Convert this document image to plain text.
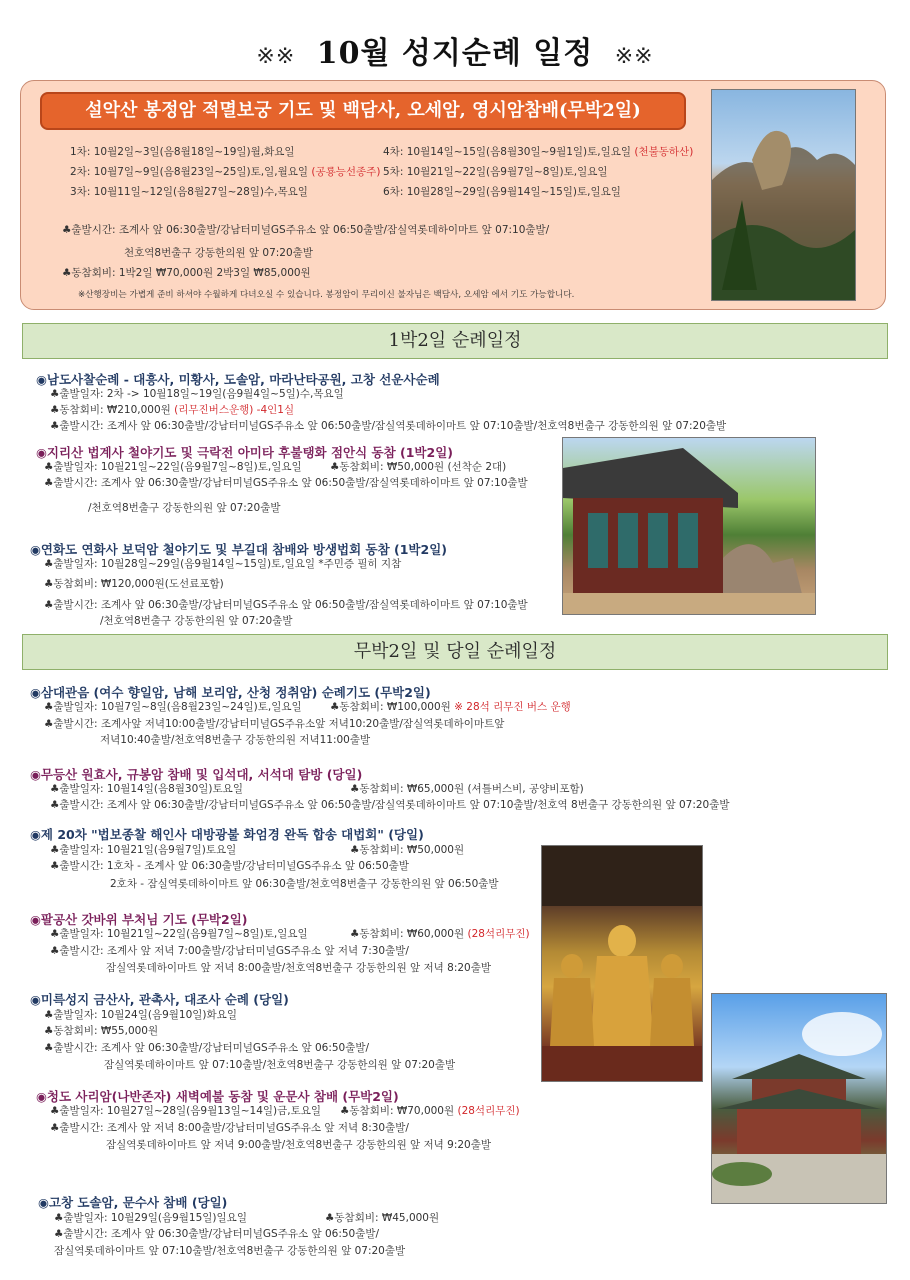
※※ 10월 성지순례 일정 ※※
설악산 봉정암 적멸보궁 기도 및 백담사, 오세암, 영시암참배(무박2일)
1차: 10월2일~3일(음8월18일~19일)월,화요일
2차: 10월7일~9일(음8월23일~25일)토,일,월요일 (공룡능선종주)
3차: 10월11일~12일(음8월27일~28일)수,목요일
4차: 10월14일~15일(음8월30일~9월1일)토,일요일 (천불동하산)
5차: 10월21일~22일(음9월7일~8일)토,일요일
6차: 10월28일~29일(음9월14일~15일)토,일요일
♣출발시간: 조계사 앞 06:30출발/강남터미널GS주유소 앞 06:50출발/잠실역롯데하이마트 앞 07:10출발/
천호역8번출구 강동한의원 앞 07:20출발
♣동참회비: 1박2일 ₩70,000원 2박3일 ₩85,000원
※산행장비는 가볍게 준비 하셔야 수월하게 다녀오실 수 있습니다. 봉정암이 무리이신 불자님은 백담사, 오세암 에서 기도 가능합니다.
1박2일 순례일정
무박2일 및 당일 순례일정
◉남도사찰순례 - 대흥사, 미황사, 도솔암, 마라난타공원, 고창 선운사순례
♣출발일자: 2차 -> 10월18일~19일(음9월4일~5일)수,목요일
♣동참회비: ₩210,000원 (리무진버스운행) -4인1실
♣출발시간: 조계사 앞 06:30출발/강남터미널GS주유소 앞 06:50출발/잠실역롯데하이마트 앞 07:10출발/천호역8번출구 강동한의원 앞 07:20출발
◉지리산 법계사 철야기도 및 극락전 아미타 후불탱화 점안식 동참 (1박2일)
♣출발일자: 10월21일~22일(음9월7일~8일)토,일요일	♣동참회비: ₩50,000원 (선착순 2대)
♣출발시간: 조계사 앞 06:30출발/강남터미널GS주유소 앞 06:50출발/잠실역롯데하이마트 앞 07:10출발
/천호역8번출구 강동한의원 앞 07:20출발
◉연화도 연화사 보덕암 철야기도 및 부길대 참배와 방생법회 동참 (1박2일)
♣출발일자: 10월28일~29일(음9월14일~15일)토,일요일 *주민증 필히 지참
♣동참회비: ₩120,000원(도선료포함)
♣출발시간: 조계사 앞 06:30출발/강남터미널GS주유소 앞 06:50출발/잠실역롯데하이마트 앞 07:10출발
/천호역8번출구 강동한의원 앞 07:20출발
◉삼대관음 (여수 향일암, 남해 보리암, 산청 정취암) 순례기도 (무박2일)
♣출발일자: 10월7일~8일(음8월23일~24일)토,일요일	♣동참회비: ₩100,000원 ※ 28석 리무진 버스 운행
♣출발시간: 조계사앞 저녁10:00출발/강남터미널GS주유소앞 저녁10:20출발/잠실역롯데하이마트앞
저녁10:40출발/천호역8번출구 강동한의원 저녁11:00출발
◉무등산 원효사, 규봉암 참배 및 입석대, 서석대 탐방 (당일)
♣출발일자: 10월14일(음8월30일)토요일	♣동참회비: ₩65,000원 (셔틀버스비, 공양비포함)
♣출발시간: 조계사 앞 06:30출발/강남터미널GS주유소 앞 06:50출발/잠실역롯데하이마트 앞 07:10출발/천호역 8번출구 강동한의원 앞 07:20출발
◉제 20차 "법보종찰 해인사 대방광불 화엄경 완독 합송 대법회" (당일)
♣출발일자: 10월21일(음9월7일)토요일	♣동참회비: ₩50,000원
♣출발시간: 1호차 - 조계사 앞 06:30출발/강남터미널GS주유소 앞 06:50출발
2호차 - 잠실역롯데하이마트 앞 06:30출발/천호역8번출구 강동한의원 앞 06:50출발
◉팔공산 갓바위 부처님 기도 (무박2일)
♣출발일자: 10월21일~22일(음9월7일~8일)토,일요일	♣동참회비: ₩60,000원 (28석리무진)
♣출발시간: 조계사 앞 저녁 7:00출발/강남터미널GS주유소 앞 저녁 7:30출발/
잠실역롯데하이마트 앞 저녁 8:00출발/천호역8번출구 강동한의원 앞 저녁 8:20출발
◉미륵성지 금산사, 관촉사, 대조사 순례 (당일)
♣출발일자: 10월24일(음9월10일)화요일
♣동참회비: ₩55,000원
♣출발시간: 조계사 앞 06:30출발/강남터미널GS주유소 앞 06:50출발/
잠실역롯데하이마트 앞 07:10출발/천호역8번출구 강동한의원 앞 07:20출발
◉청도 사리암(나반존자) 새벽예불 동참 및 운문사 참배 (무박2일)
♣출발일자: 10월27일~28일(음9월13일~14일)금,토요일 ♣동참회비: ₩70,000원 (28석리무진)
♣출발시간: 조계사 앞 저녁 8:00출발/강남터미널GS주유소 앞 저녁 8:30출발/
잠실역롯데하이마트 앞 저녁 9:00출발/천호역8번출구 강동한의원 앞 저녁 9:20출발
◉고창 도솔암, 문수사 참배 (당일)
♣출발일자: 10월29일(음9월15일)일요일	♣동참회비: ₩45,000원
♣출발시간: 조계사 앞 06:30출발/강남터미널GS주유소 앞 06:50출발/
잠실역롯데하이마트 앞 07:10출발/천호역8번출구 강동한의원 앞 07:20출발
